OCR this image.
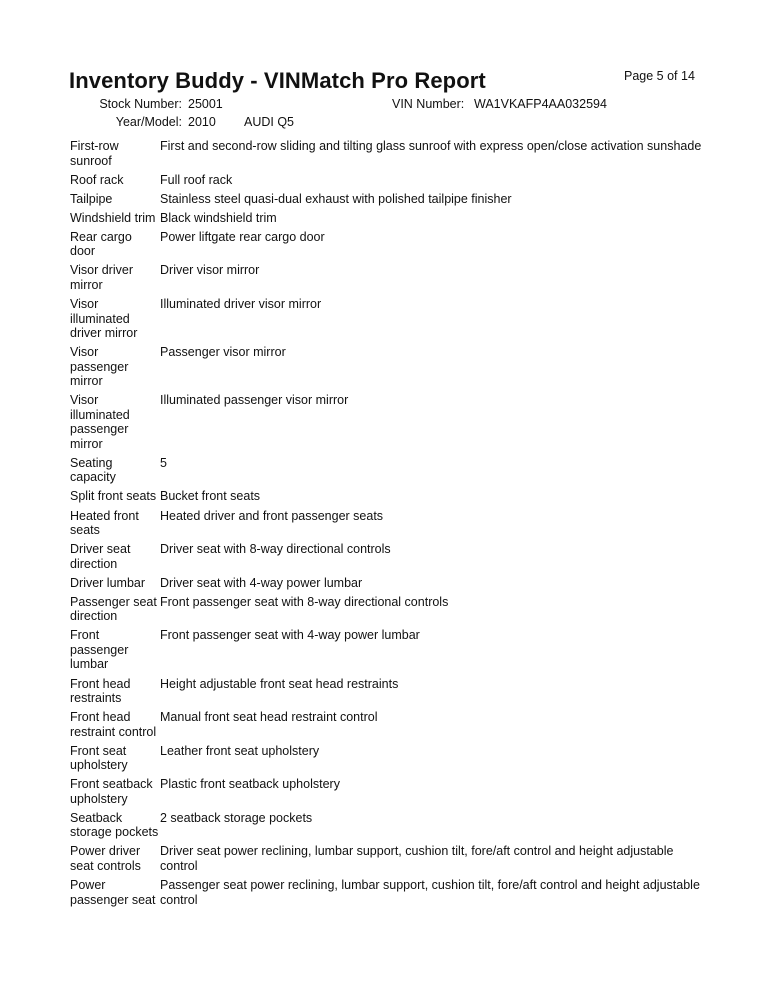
Page 5 of 14
Inventory Buddy - VINMatch Pro Report
Stock Number: 25001	VIN Number: WA1VKAFP4AA032594
Year/Model: 2010 AUDI Q5
First-row sunroof	First and second-row sliding and tilting glass sunroof with express open/close activation sunshade
Roof rack	Full roof rack
Tailpipe	Stainless steel quasi-dual exhaust with polished tailpipe finisher
Windshield trim	Black windshield trim
Rear cargo door	Power liftgate rear cargo door
Visor driver mirror	Driver visor mirror
Visor illuminated driver mirror	Illuminated driver visor mirror
Visor passenger mirror	Passenger visor mirror
Visor illuminated passenger mirror	Illuminated passenger visor mirror
Seating capacity	5
Split front seats	Bucket front seats
Heated front seats	Heated driver and front passenger seats
Driver seat direction	Driver seat with 8-way directional controls
Driver lumbar	Driver seat with 4-way power lumbar
Passenger seat direction	Front passenger seat with 8-way directional controls
Front passenger lumbar	Front passenger seat with 4-way power lumbar
Front head restraints	Height adjustable front seat head restraints
Front head restraint control	Manual front seat head restraint control
Front seat upholstery	Leather front seat upholstery
Front seatback upholstery	Plastic front seatback upholstery
Seatback storage pockets	2 seatback storage pockets
Power driver seat controls	Driver seat power reclining, lumbar support, cushion tilt, fore/aft control and height adjustable control
Power passenger seat	Passenger seat power reclining, lumbar support, cushion tilt, fore/aft control and height adjustable control
